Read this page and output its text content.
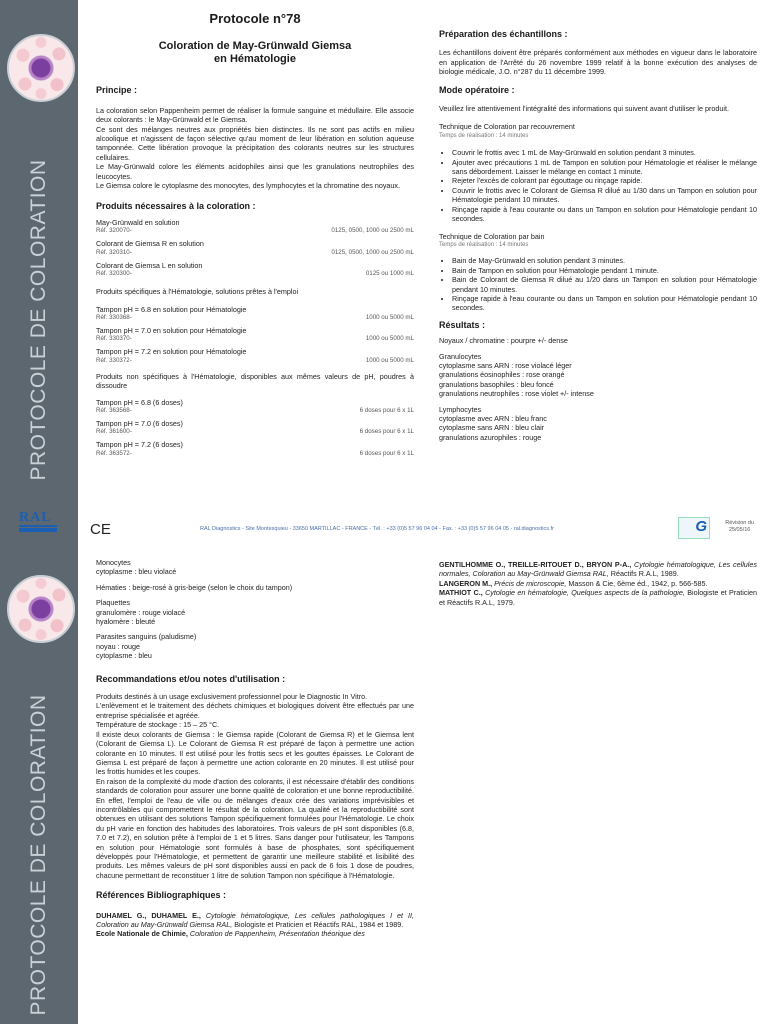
PROTOCOLE DE COLORATION
RAL
PROTOCOLE DE COLORATION
Protocole n°78
Coloration de May-Grünwald Giemsa
en Hématologie
Principe :

La coloration selon Pappenheim permet de réaliser la formule sanguine et médullaire. Elle associe deux colorants : le May-Grünwald et le Giemsa.

Ce sont des mélanges neutres aux propriétés bien distinctes. Ils ne sont pas actifs en milieu alcoolique et n'agissent de façon sélective qu'au moment de leur libération en solution aqueuse tamponnée. Cette libération provoque la précipitation des colorants neutres sur les structures cellulaires.

Le May-Grünwald colore les éléments acidophiles ainsi que les granulations neutrophiles des leucocytes.

Le Giemsa colore le cytoplasme des monocytes, des lymphocytes et la chromatine des noyaux.

Produits nécessaires à la coloration :
May-Grünwald en solution
Réf. 320070-	0125, 0500, 1000 ou 2500 mL
Colorant de Giemsa R en solution
Réf. 320310-	0125, 0500, 1000 ou 2500 mL
Colorant de Giemsa L en solution
Réf. 320300-	0125 ou 1000 mL

Produits spécifiques à l'Hématologie, solutions prêtes à l'emploi

Tampon pH = 6.8 en solution pour Hématologie
Réf. 330368-	1000 ou 5000 mL
Tampon pH = 7.0 en solution pour Hématologie
Réf. 330370-	1000 ou 5000 mL
Tampon pH = 7.2 en solution pour Hématologie
Réf. 330372-	1000 ou 5000 mL

Produits non spécifiques à l'Hématologie, disponibles aux mêmes valeurs de pH, poudres à dissoudre

Tampon pH = 6.8 (6 doses)
Réf. 363568-	6 doses pour 6 x 1L
Tampon pH = 7.0 (6 doses)
Réf. 361600-	6 doses pour 6 x 1L
Tampon pH = 7.2 (6 doses)
Réf. 363572-	6 doses pour 6 x 1L
Préparation des échantillons :

Les échantillons doivent être préparés conformément aux méthodes en vigueur dans le laboratoire en application de l'Arrêté du 26 novembre 1999 relatif à la bonne exécution des analyses de biologie médicale, J.O. n°287 du 11 décembre 1999.

Mode opératoire :

Veuillez lire attentivement l'intégralité des informations qui suivent avant d'utiliser le produit.

Technique de Coloration par recouvrement

Temps de réalisation : 14 minutes
• Couvrir le frottis avec 1 mL de May-Grünwald en solution pendant 3 minutes.
• Ajouter avec précautions 1 mL de Tampon en solution pour Hématologie et réaliser le mélange sans débordement. Laisser le mélange en contact 1 minute.
• Rejeter l'excès de colorant par égouttage ou rinçage rapide.
• Couvrir le frottis avec le Colorant de Giemsa R dilué au 1/30 dans un Tampon en solution pour Hématologie pendant 10 minutes.
• Rinçage rapide à l'eau courante ou dans un Tampon en solution pour Hématologie pendant 10 secondes.

Technique de Coloration par bain

Temps de réalisation : 14 minutes
• Bain de May-Grünwald en solution pendant 3 minutes.
• Bain de Tampon en solution pour Hématologie pendant 1 minute.
• Bain de Colorant de Giemsa R dilué au 1/20 dans un Tampon en solution pour Hématologie pendant 10 minutes.
• Rinçage rapide à l'eau courante ou dans un Tampon en solution pour Hématologie pendant 10 secondes.
Résultats :
Noyaux / chromatine : pourpre +/- dense
Granulocytes
cytoplasme sans ARN : rose violacé léger
granulations éosinophiles : rose orangé
granulations basophiles : bleu foncé
granulations neutrophiles : rose violet +/- intense
Lymphocytes
cytoplasme avec ARN : bleu franc
cytoplasme sans ARN : bleu clair
granulations azurophiles : rouge
CE	RAL Diagnostics - Site Montesquieu - 33650 MARTILLAC - FRANCE - Tél. : +33 (0)5 57 96 04 04 - Fax. : +33 (0)5 57 96 04 05 - ral.diagnostics.fr	G	Révision du
25/05/16
Monocytes
cytoplasme : bleu violacé
Hématies : beige-rosé à gris-beige (selon le choix du tampon)
Plaquettes
granulomère : rouge violacé
hyalomère : bleuté
Parasites sanguins (paludisme)
noyau : rouge
cytoplasme : bleu
Recommandations et/ou notes d'utilisation :

Produits destinés à un usage exclusivement professionnel pour le Diagnostic In Vitro.

L'enlèvement et le traitement des déchets chimiques et biologiques doivent être effectués par une entreprise spécialisée et agréée.

Température de stockage : 15 – 25 °C.

Il existe deux colorants de Giemsa : le Giemsa rapide (Colorant de Giemsa R) et le Giemsa lent (Colorant de Giemsa L). Le Colorant de Giemsa R est préparé de façon à permettre une action colorante en 10 minutes. Il est utilisé pour les frottis secs et les gouttes épaisses. Le Colorant de Giemsa L est préparé de façon à permettre une action colorante en 20 minutes. Il est utilisé pour les frottis humides et les coupes.

En raison de la complexité du mode d'action des colorants, il est nécessaire d'établir des conditions standards de coloration pour assurer une bonne qualité de coloration et une bonne reproductibilité. En effet, l'emploi de l'eau de ville ou de mélanges d'eaux crée des variations imprévisibles et incontrôlables qui compromettent le résultat de la coloration. La qualité et la reproductibilité sont obtenues en utilisant des solutions Tampon spécifiquement formulées pour l'Hématologie. Le choix du pH varie en fonction des habitudes des laboratoires. Trois valeurs de pH sont disponibles (6.8, 7.0 et 7.2), en solution prête à l'emploi de 1 et 5 litres. Sans danger pour l'utilisateur, les Tampons en solution pour Hématologie sont formulés à base de phosphates, sont spécifiquement développés pour l'Hématologie, et permettent de garantir une meilleure stabilité et lisibilité des produits. Les mêmes valeurs de pH sont disponibles aussi en pack de 6 fois 1 dose de poudres, chacune permettant de reconstituer 1 litre de solution Tampon non spécifique à l'Hématologie.

Références Bibliographiques :

DUHAMEL G., DUHAMEL E., Cytologie hématologique, Les cellules pathologiques I et II, Coloration au May-Grünwald Giemsa RAL, Biologiste et Praticien et Réactifs RAL, 1984 et 1989.

Ecole Nationale de Chimie, Coloration de Pappenheim, Présentation théorique des

GENTILHOMME O., TREILLE-RITOUET D., BRYON P-A., Cytologie hématologique, Les cellules normales, Coloration au May-Grünwald Giemsa RAL, Réactifs R.A.L, 1989.

LANGERON M., Précis de microscopie, Masson & Cie, 6ème éd., 1942, p. 566-585.

MATHIOT C., Cytologie en hématologie, Quelques aspects de la pathologie, Biologiste et Praticien et Réactifs R.A.L, 1979.
